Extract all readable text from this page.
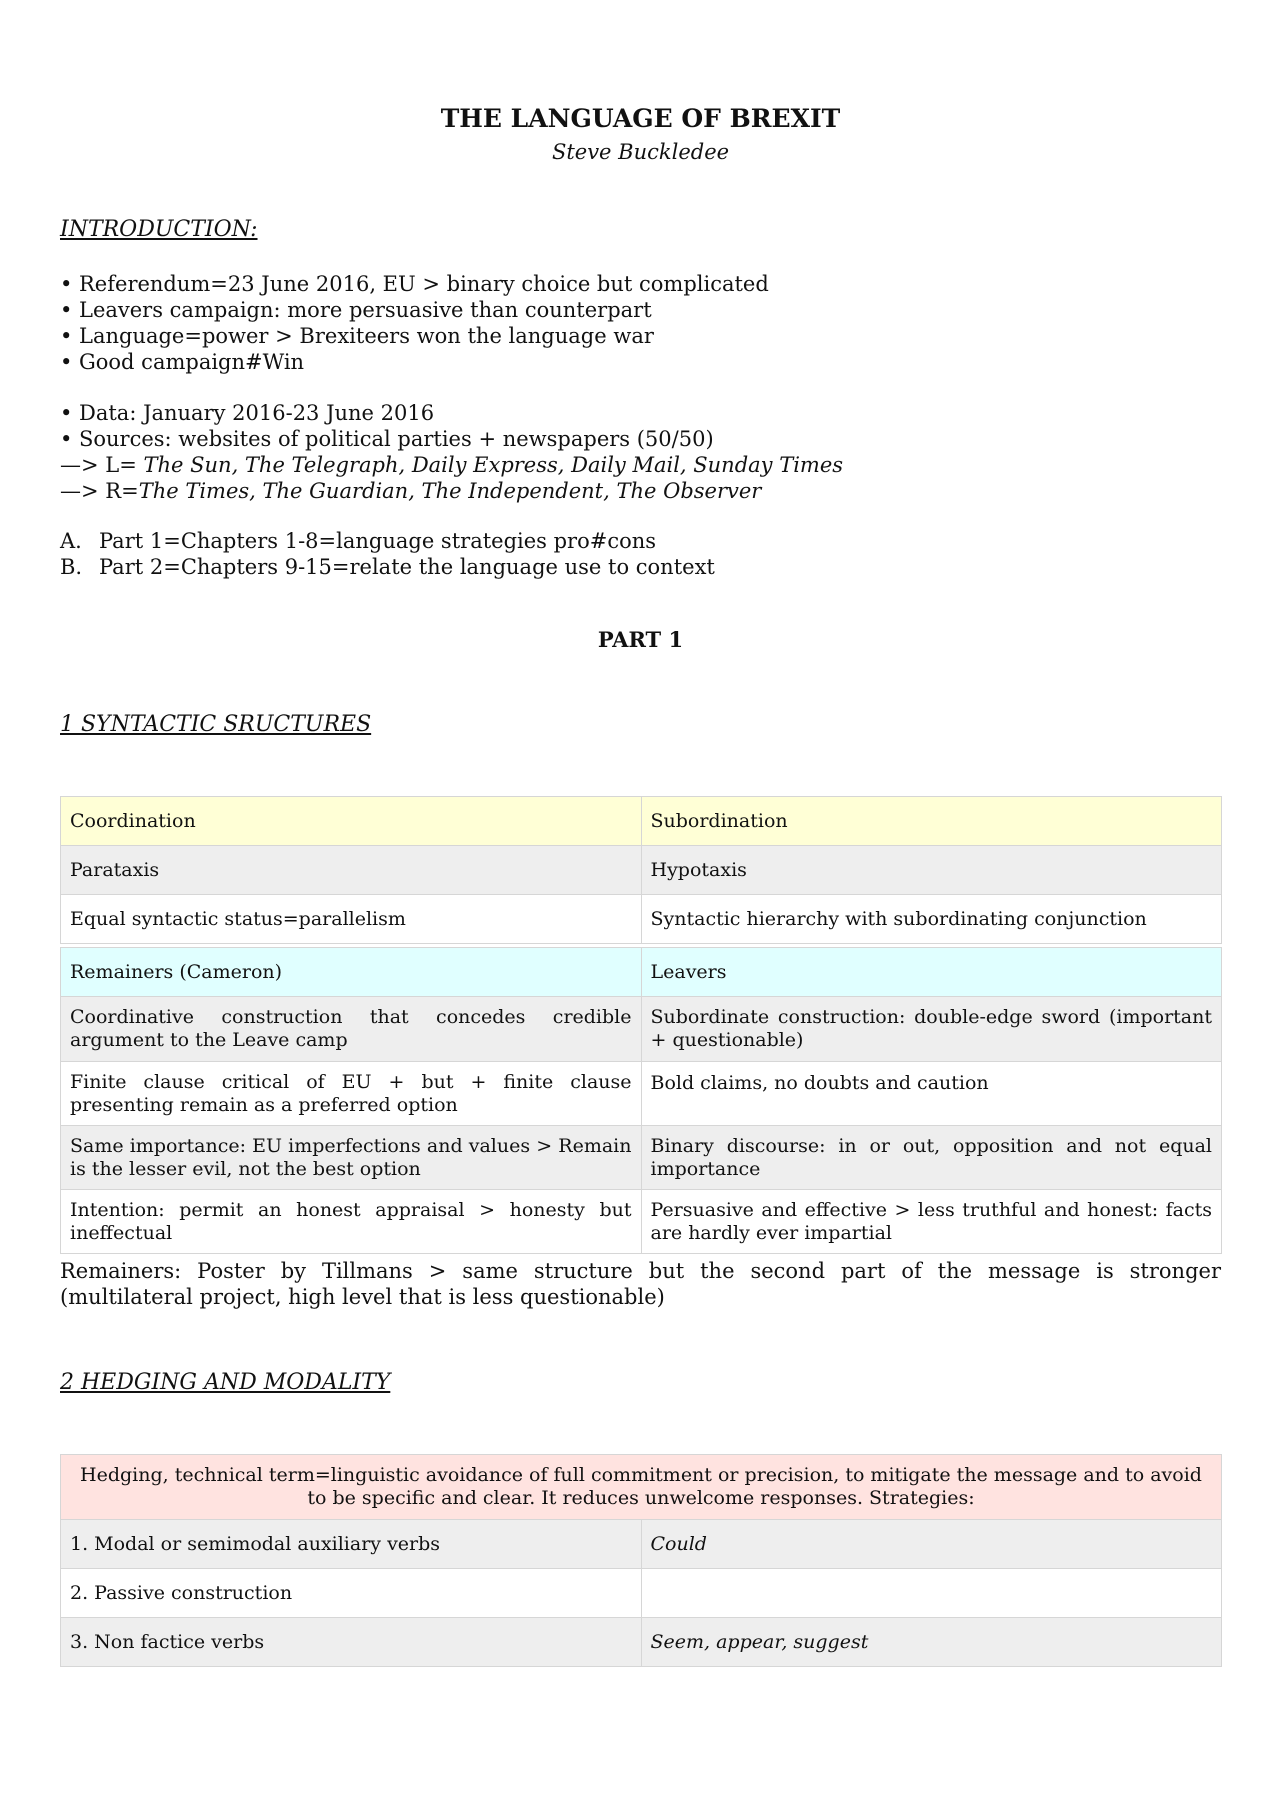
THE LANGUAGE OF BREXIT
Steve Buckledee
INTRODUCTION:
• Referendum=23 June 2016, EU > binary choice but complicated
• Leavers campaign: more persuasive than counterpart
• Language=power > Brexiteers won the language war
• Good campaign#Win
• Data: January 2016-23 June 2016
• Sources: websites of political parties + newspapers (50/50)
—> L= The Sun, The Telegraph, Daily Express, Daily Mail, Sunday Times
—> R=The Times, The Guardian, The Independent, The Observer
A. Part 1=Chapters 1-8=language strategies pro#cons
B. Part 2=Chapters 9-15=relate the language use to context
PART 1
1 SYNTACTIC SRUCTURES
Coordination	Subordination
Parataxis	Hypotaxis
Equal syntactic status=parallelism	Syntactic hierarchy with subordinating conjunction
Remainers (Cameron)	Leavers
Coordinative construction that concedes credible argument to the Leave camp	Subordinate construction: double-edge sword (important + questionable)
Finite clause critical of EU + but + finite clause presenting remain as a preferred option	Bold claims, no doubts and caution
Same importance: EU imperfections and values > Remain is the lesser evil, not the best option	Binary discourse: in or out, opposition and not equal importance
Intention: permit an honest appraisal > honesty but ineffectual	Persuasive and effective > less truthful and honest: facts are hardly ever impartial
Remainers: Poster by Tillmans > same structure but the second part of the message is stronger (multilateral project, high level that is less questionable)
2 HEDGING AND MODALITY
Hedging, technical term=linguistic avoidance of full commitment or precision, to mitigate the message and to avoid to be specific and clear. It reduces unwelcome responses. Strategies:	
1. Modal or semimodal auxiliary verbs	Could
2. Passive construction	
3. Non factice verbs	Seem, appear, suggest
